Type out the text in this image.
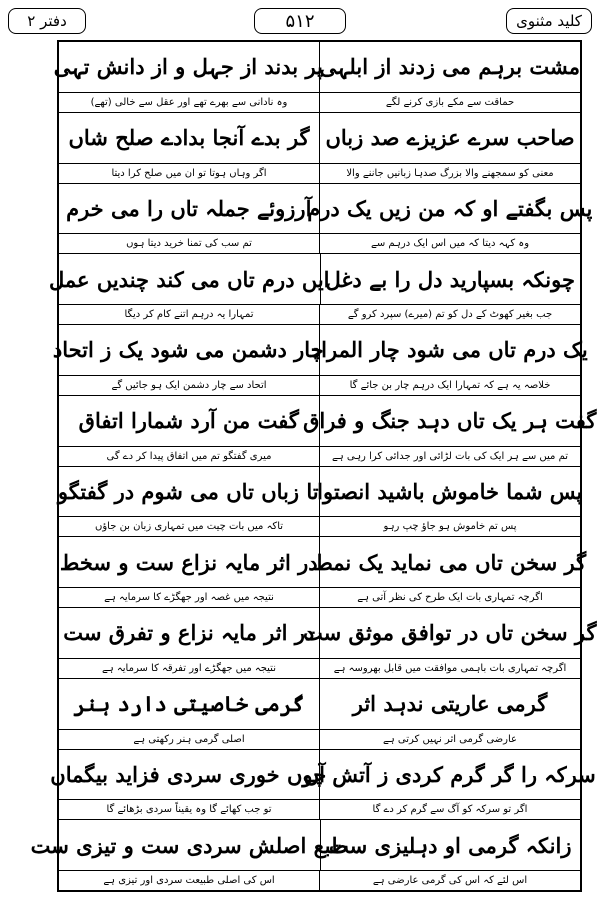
کلید مثنوی
۵۱۲
دفتر ۲
مشت برہم می زدند از ابلہی
پر بدند از جہل و از دانش تہی
حماقت سے مکے بازی کرنے لگے
وہ نادانی سے بھرے تھے اور عقل سے خالی (تھے)
صاحب سرے عزیزے صد زباں
گر بدے آنجا بدادے صلح شاں
معنی کو سمجھنے والا بزرگ صدہا زبانیں جاننے والا
اگر وہاں ہوتا تو ان میں صلح کرا دیتا
پس بگفتے او کہ من زیں یک درم
آرزوئے جملہ تاں را می خرم
وہ کہہ دیتا کہ میں اس ایک درہم سے
تم سب کی تمنا خرید دیتا ہوں
چونکہ بسپارید دل را بے دغل
ایں درم تاں می کند چندیں عمل
جب بغیر کھوٹ کے دل کو تم (میرے) سپرد کرو گے
تمہارا یہ درہم اتنے کام کر دیگا
یک درم تاں می شود چار المراد
چار دشمن می شود یک ز اتحاد
خلاصہ یہ ہے کہ تمہارا ایک درہم چار بن جائے گا
اتحاد سے چار دشمن ایک ہو جائیں گے
گفت ہر یک تاں دہد جنگ و فراق
گفت من آرد شمارا اتفاق
تم میں سے ہر ایک کی بات لڑائی اور جدائی کرا رہی ہے
میری گفتگو تم میں اتفاق پیدا کر دے گی
پس شما خاموش باشید انصتوا
تا زباں تاں می شوم در گفتگو
پس تم خاموش ہو جاؤ چپ رہو
تاکہ میں بات چیت میں تمہاری زبان بن جاؤں
گر سخن تاں می نماید یک نمط
در اثر مایہ نزاع ست و سخط
اگرچہ تمہاری بات ایک طرح کی نظر آتی ہے
نتیجہ میں غصہ اور جھگڑے کا سرمایہ ہے
گر سخن تاں در توافق موثق ست
در اثر مایہ نزاع و تفرق ست
اگرچہ تمہاری بات باہمی موافقت میں قابل بھروسہ ہے
نتیجہ میں جھگڑے اور تفرقہ کا سرمایہ ہے
گرمی عاریتی ندہد اثر
گرمی خاصیتی دارد ہنر
عارضی گرمی اثر نہیں کرتی ہے
اصلی گرمی ہنر رکھتی ہے
سرکہ را گر گرم کردی ز آتش آں
چوں خوری سردی فزاید بیگماں
اگر تو سرکہ کو آگ سے گرم کر دے گا
تو جب کھائے گا وہ یقیناً سردی بڑھائے گا
زانکہ گرمی او دہلیزی ست
طبع اصلش سردی ست و تیزی ست
اس لئے کہ اس کی گرمی عارضی ہے
اس کی اصلی طبیعت سردی اور تیزی ہے
